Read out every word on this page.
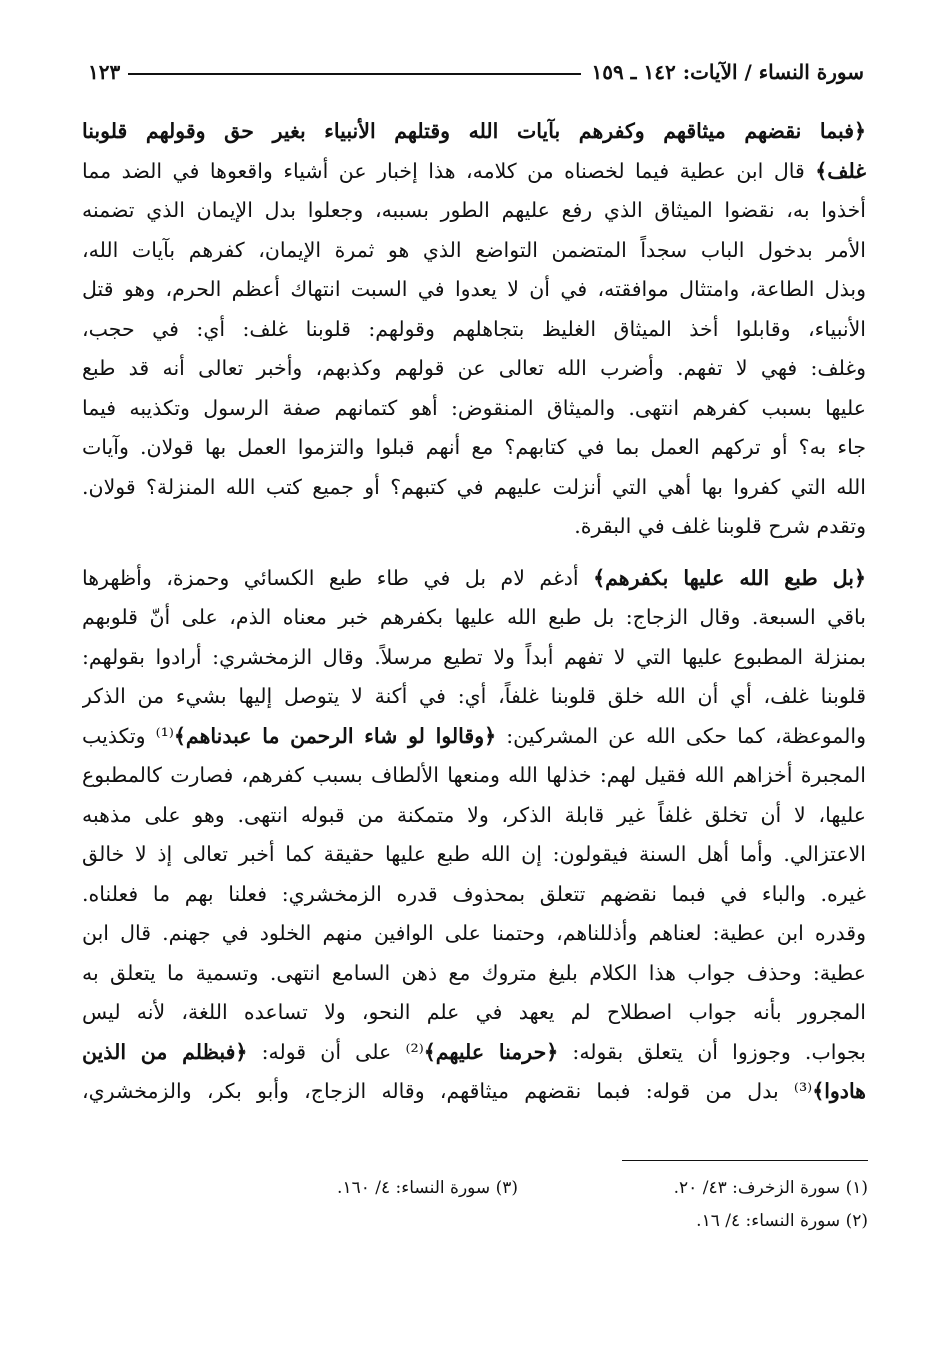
سورة النساء / الآيات: ١٤٢ ـ ١٥٩
١٢٣
﴿فبما نقضهم ميثاقهم وكفرهم بآيات الله وقتلهم الأنبياء بغير حق وقولهم قلوبنا
غلف﴾ قال ابن عطية فيما لخصناه من كلامه، هذا إخبار عن أشياء واقعوها في الضد مما
أخذوا به، نقضوا الميثاق الذي رفع عليهم الطور بسببه، وجعلوا بدل الإيمان الذي تضمنه
الأمر بدخول الباب سجداً المتضمن التواضع الذي هو ثمرة الإيمان، كفرهم بآيات الله،
وبذل الطاعة، وامتثال موافقته، في أن لا يعدوا في السبت انتهاك أعظم الحرم، وهو قتل
الأنبياء، وقابلوا أخذ الميثاق الغليظ بتجاهلهم وقولهم: قلوبنا غلف: أي: في حجب،
وغلف: فهي لا تفهم. وأضرب الله تعالى عن قولهم وكذبهم، وأخبر تعالى أنه قد طبع
عليها بسبب كفرهم انتهى. والميثاق المنقوض: أهو كتمانهم صفة الرسول وتكذيبه فيما
جاء به؟ أو تركهم العمل بما في كتابهم؟ مع أنهم قبلوا والتزموا العمل بها قولان. وآيات
الله التي كفروا بها أهي التي أنزلت عليهم في كتبهم؟ أو جميع كتب الله المنزلة؟ قولان.
وتقدم شرح قلوبنا غلف في البقرة.
﴿بل طبع الله عليها بكفرهم﴾ أدغم لام بل في طاء طبع الكسائي وحمزة، وأظهرها
باقي السبعة. وقال الزجاج: بل طبع الله عليها بكفرهم خبر معناه الذم، على أنّ قلوبهم
بمنزلة المطبوع عليها التي لا تفهم أبداً ولا تطيع مرسلاً. وقال الزمخشري: أرادوا بقولهم:
قلوبنا غلف، أي أن الله خلق قلوبنا غلفاً، أي: في أكنة لا يتوصل إليها بشيء من الذكر
والموعظة، كما حكى الله عن المشركين: ﴿وقالوا لو شاء الرحمن ما عبدناهم﴾⁽¹⁾ وتكذيب
المجبرة أخزاهم الله فقيل لهم: خذلها الله ومنعها الألطاف بسبب كفرهم، فصارت كالمطبوع
عليها، لا أن تخلق غلفاً غير قابلة الذكر، ولا متمكنة من قبوله انتهى. وهو على مذهبه
الاعتزالي. وأما أهل السنة فيقولون: إن الله طبع عليها حقيقة كما أخبر تعالى إذ لا خالق
غيره. والباء في فبما نقضهم تتعلق بمحذوف قدره الزمخشري: فعلنا بهم ما فعلناه.
وقدره ابن عطية: لعناهم وأذللناهم، وحتمنا على الوافين منهم الخلود في جهنم. قال ابن
عطية: وحذف جواب هذا الكلام بليغ متروك مع ذهن السامع انتهى. وتسمية ما يتعلق به
المجرور بأنه جواب اصطلاح لم يعهد في علم النحو، ولا تساعده اللغة، لأنه ليس
بجواب. وجوزوا أن يتعلق بقوله: ﴿حرمنا عليهم﴾⁽²⁾ على أن قوله: ﴿فبظلم من الذين
هادوا﴾⁽³⁾ بدل من قوله: فبما نقضهم ميثاقهم، وقاله الزجاج، وأبو بكر، والزمخشري،
(١) سورة الزخرف: ٤٣/ ٢٠.
(٣) سورة النساء: ٤/ ١٦٠.
(٢) سورة النساء: ٤/ ١٦.
